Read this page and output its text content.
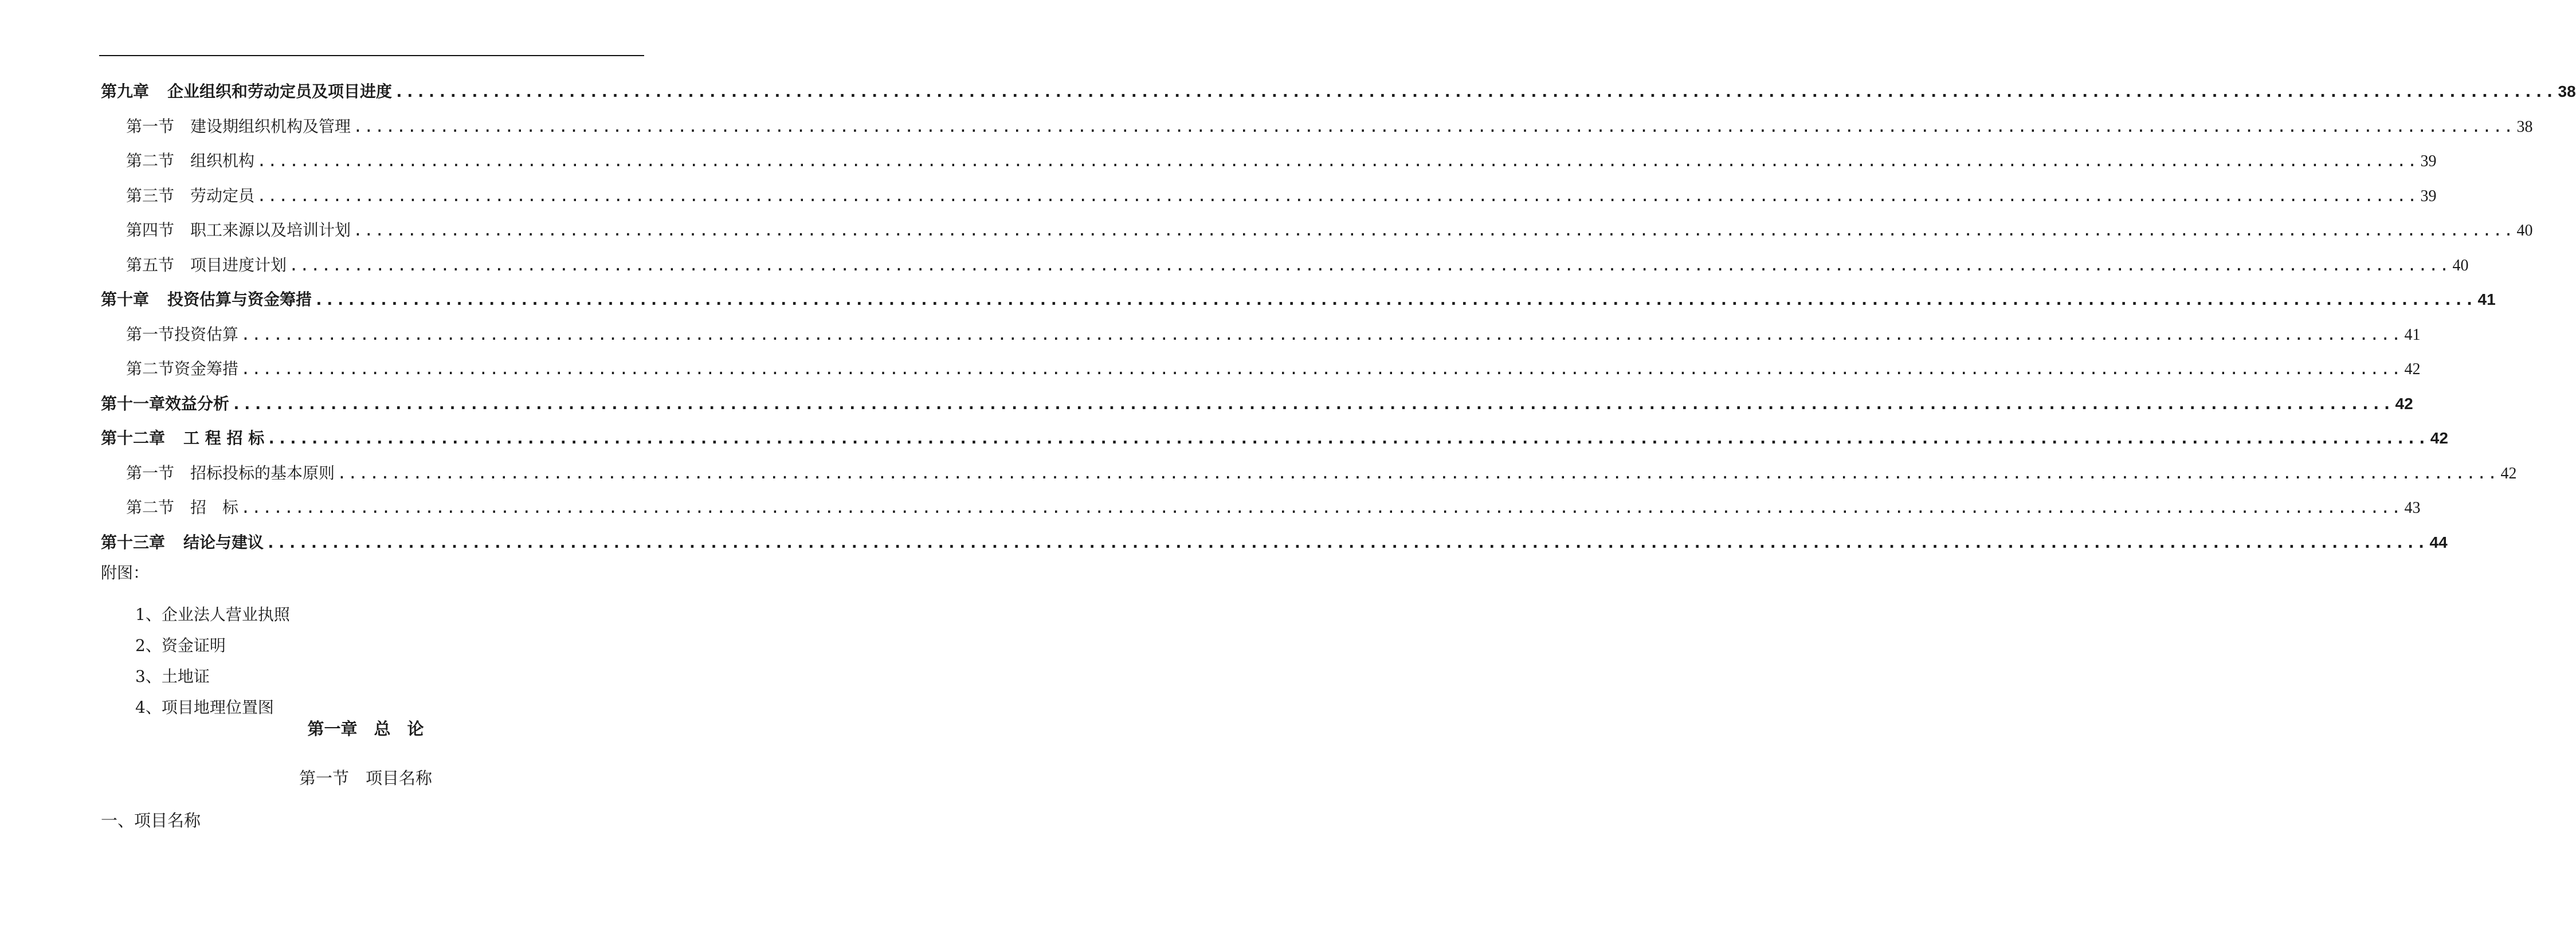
第九章 企业组织和劳动定员及项目进度 ........................................................................................................................................................................................................ 38
第一节 建设期组织机构及管理 ........................................................................................................................................................................................................ 38
第二节 组织机构 ........................................................................................................................................................................................................ 39
第三节 劳动定员 ........................................................................................................................................................................................................ 39
第四节 职工来源以及培训计划 ........................................................................................................................................................................................................ 40
第五节 项目进度计划 ........................................................................................................................................................................................................ 40
第十章 投资估算与资金筹措 ........................................................................................................................................................................................................ 41
第一节投资估算 ........................................................................................................................................................................................................ 41
第二节资金筹措 ........................................................................................................................................................................................................ 42
第十一章效益分析 ........................................................................................................................................................................................................ 42
第十二章 工 程 招 标 ........................................................................................................................................................................................................ 42
第一节 招标投标的基本原则 ........................................................................................................................................................................................................ 42
第二节 招　标 ........................................................................................................................................................................................................ 43
第十三章 结论与建议 ........................................................................................................................................................................................................ 44
附图：
1、企业法人营业执照
2、资金证明
3、土地证
4、项目地理位置图
第一章　总　论
第一节　项目名称
一、项目名称
